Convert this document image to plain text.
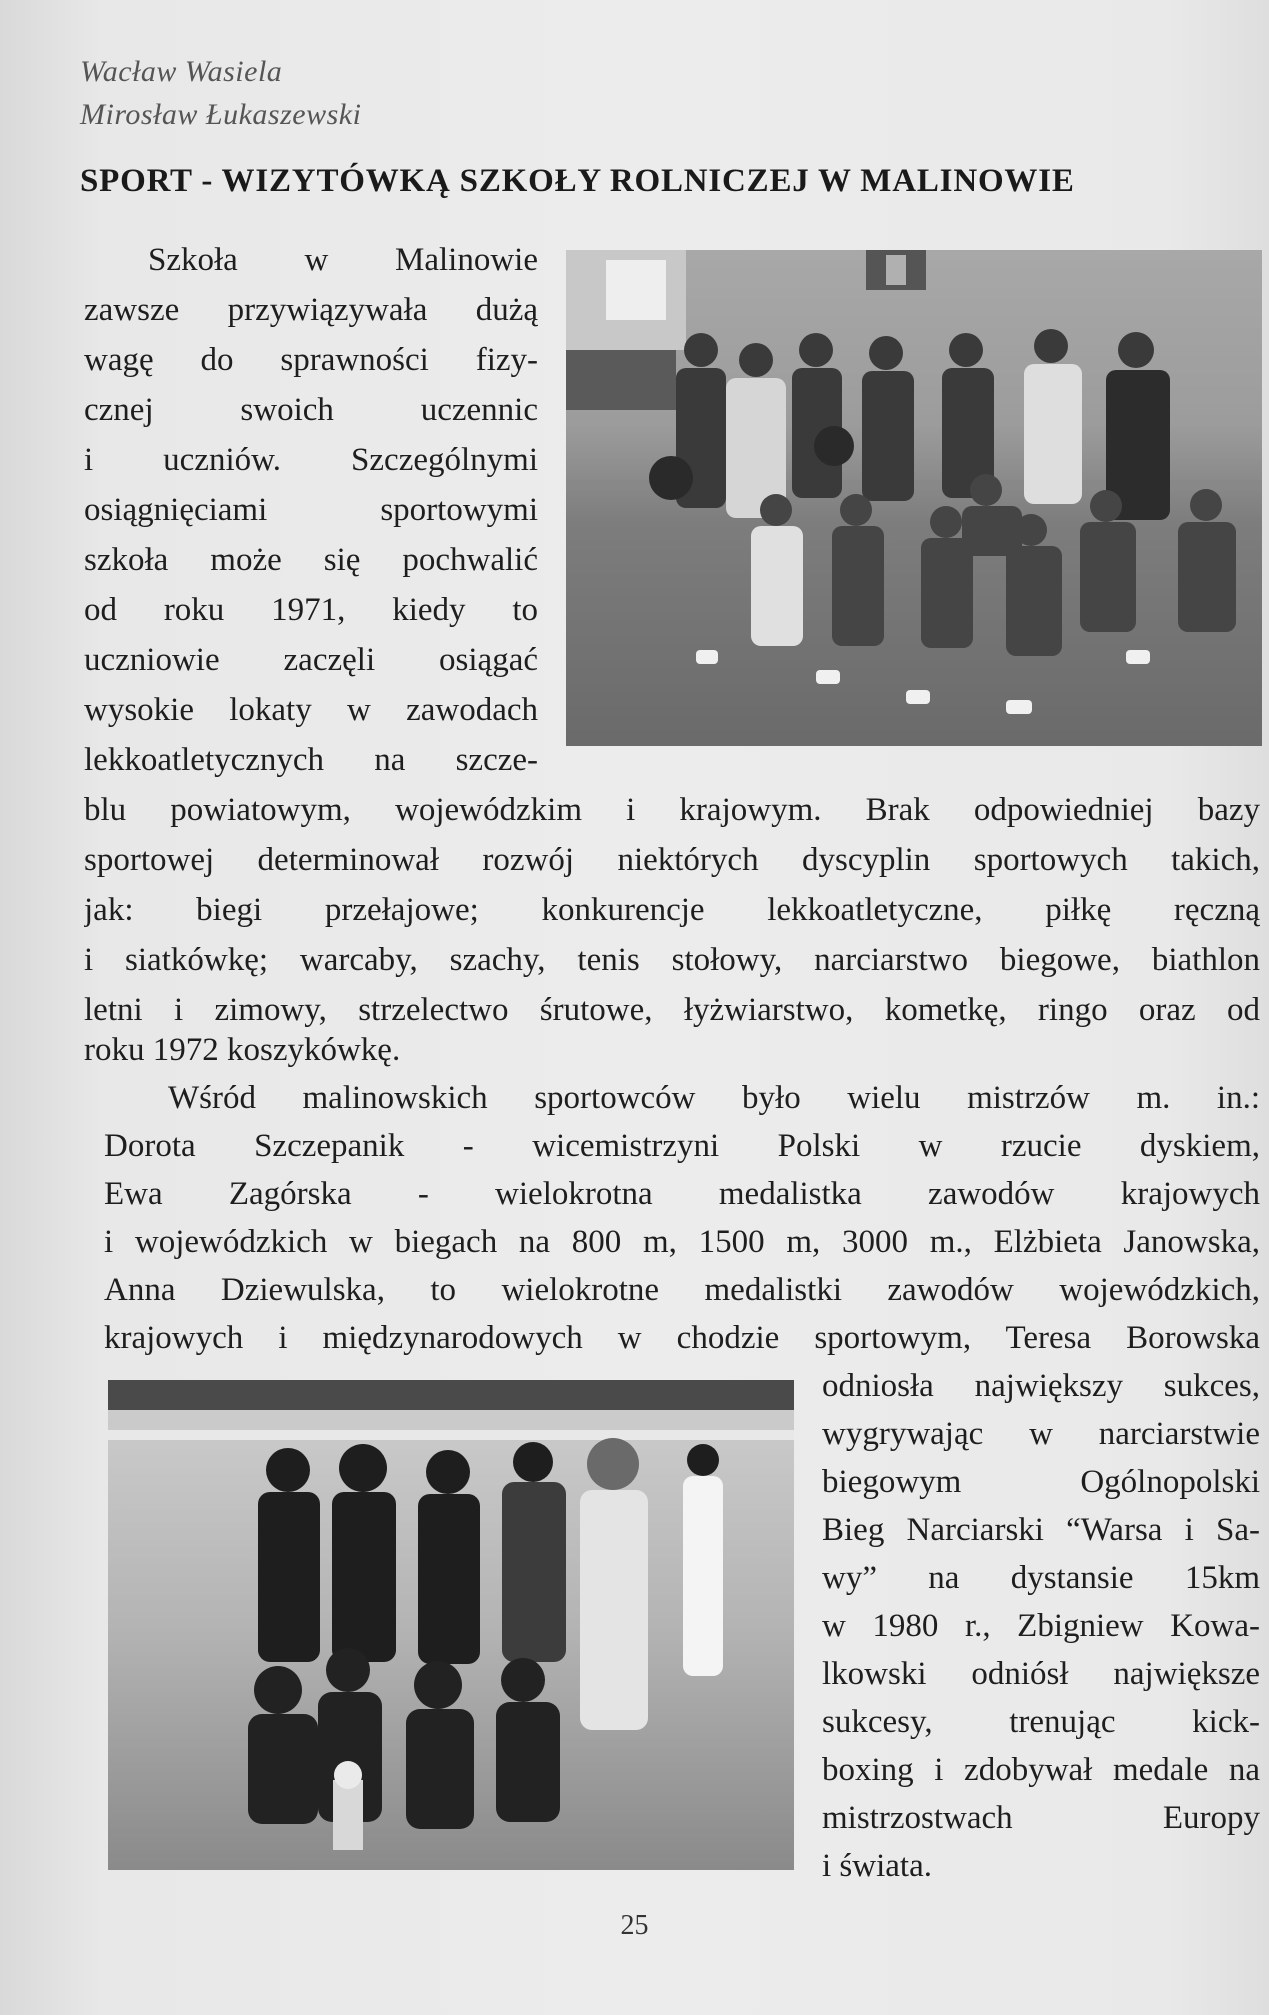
Wacław Wasiela
Mirosław Łukaszewski
SPORT - WIZYTÓWKĄ SZKOŁY ROLNICZEJ W MALINOWIE
Szkoła w Malinowie
zawsze przywiązywała dużą
wagę do sprawności fizy-
cznej swoich uczennic
i uczniów. Szczególnymi
osiągnięciami sportowymi
szkoła może się pochwalić
od roku 1971, kiedy to
uczniowie zaczęli osiągać
wysokie lokaty w zawodach
lekkoatletycznych na szcze-
blu powiatowym, wojewódzkim i krajowym. Brak odpowiedniej bazy
sportowej determinował rozwój niektórych dyscyplin sportowych takich,
jak: biegi przełajowe; konkurencje lekkoatletyczne, piłkę ręczną
i siatkówkę; warcaby, szachy, tenis stołowy, narciarstwo biegowe, biathlon
letni i zimowy, strzelectwo śrutowe, łyżwiarstwo, kometkę, ringo oraz od
roku 1972 koszykówkę.
Wśród malinowskich sportowców było wielu mistrzów m. in.:
Dorota Szczepanik - wicemistrzyni Polski w rzucie dyskiem,
Ewa Zagórska - wielokrotna medalistka zawodów krajowych
i wojewódzkich w biegach na 800 m, 1500 m, 3000 m., Elżbieta Janowska,
Anna Dziewulska, to wielokrotne medalistki zawodów wojewódzkich,
krajowych i międzynarodowych w chodzie sportowym, Teresa Borowska
odniosła największy sukces,
wygrywając w narciarstwie
biegowym Ogólnopolski
Bieg Narciarski “Warsa i Sa-
wy” na dystansie 15km
w 1980 r., Zbigniew Kowa-
lkowski odniósł największe
sukcesy, trenując kick-
boxing i zdobywał medale na
mistrzostwach Europy
i świata.
25
